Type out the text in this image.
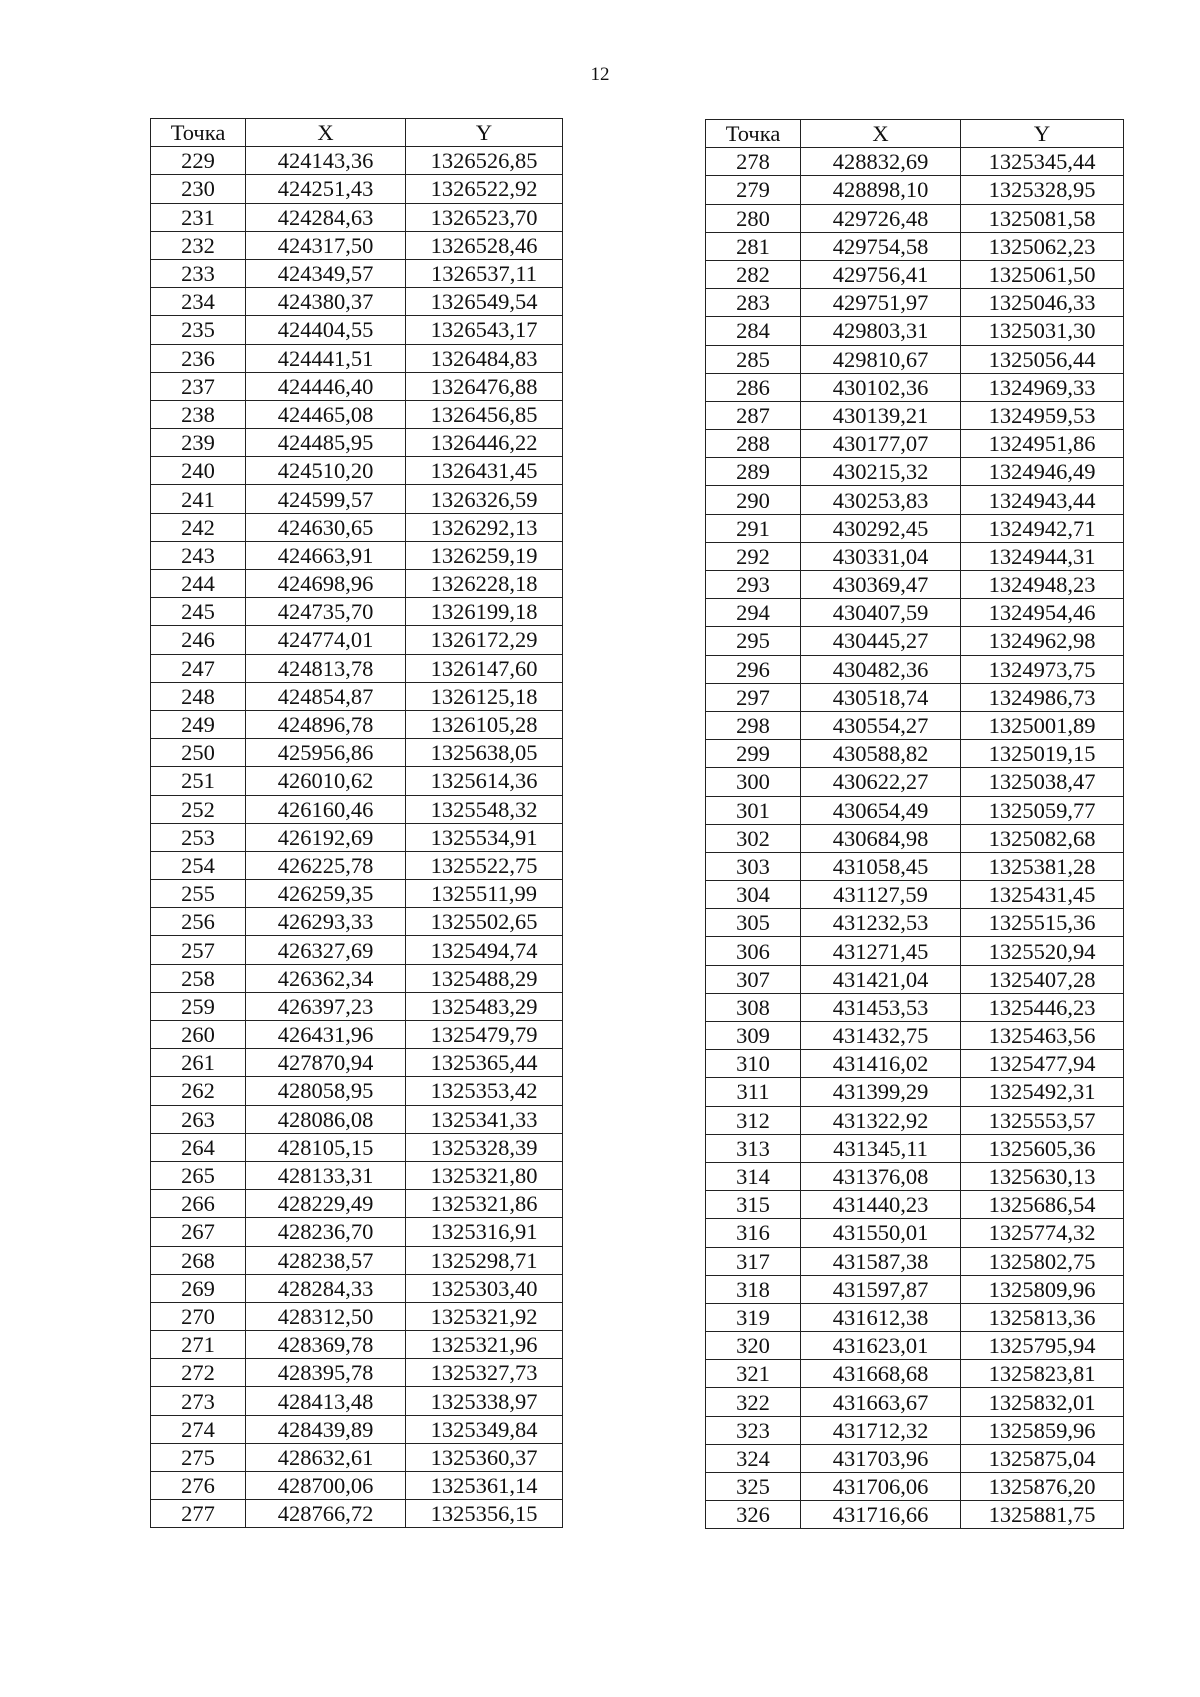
12
Точка	X	Y
229	424143,36	1326526,85
230	424251,43	1326522,92
231	424284,63	1326523,70
232	424317,50	1326528,46
233	424349,57	1326537,11
234	424380,37	1326549,54
235	424404,55	1326543,17
236	424441,51	1326484,83
237	424446,40	1326476,88
238	424465,08	1326456,85
239	424485,95	1326446,22
240	424510,20	1326431,45
241	424599,57	1326326,59
242	424630,65	1326292,13
243	424663,91	1326259,19
244	424698,96	1326228,18
245	424735,70	1326199,18
246	424774,01	1326172,29
247	424813,78	1326147,60
248	424854,87	1326125,18
249	424896,78	1326105,28
250	425956,86	1325638,05
251	426010,62	1325614,36
252	426160,46	1325548,32
253	426192,69	1325534,91
254	426225,78	1325522,75
255	426259,35	1325511,99
256	426293,33	1325502,65
257	426327,69	1325494,74
258	426362,34	1325488,29
259	426397,23	1325483,29
260	426431,96	1325479,79
261	427870,94	1325365,44
262	428058,95	1325353,42
263	428086,08	1325341,33
264	428105,15	1325328,39
265	428133,31	1325321,80
266	428229,49	1325321,86
267	428236,70	1325316,91
268	428238,57	1325298,71
269	428284,33	1325303,40
270	428312,50	1325321,92
271	428369,78	1325321,96
272	428395,78	1325327,73
273	428413,48	1325338,97
274	428439,89	1325349,84
275	428632,61	1325360,37
276	428700,06	1325361,14
277	428766,72	1325356,15
Точка	X	Y
278	428832,69	1325345,44
279	428898,10	1325328,95
280	429726,48	1325081,58
281	429754,58	1325062,23
282	429756,41	1325061,50
283	429751,97	1325046,33
284	429803,31	1325031,30
285	429810,67	1325056,44
286	430102,36	1324969,33
287	430139,21	1324959,53
288	430177,07	1324951,86
289	430215,32	1324946,49
290	430253,83	1324943,44
291	430292,45	1324942,71
292	430331,04	1324944,31
293	430369,47	1324948,23
294	430407,59	1324954,46
295	430445,27	1324962,98
296	430482,36	1324973,75
297	430518,74	1324986,73
298	430554,27	1325001,89
299	430588,82	1325019,15
300	430622,27	1325038,47
301	430654,49	1325059,77
302	430684,98	1325082,68
303	431058,45	1325381,28
304	431127,59	1325431,45
305	431232,53	1325515,36
306	431271,45	1325520,94
307	431421,04	1325407,28
308	431453,53	1325446,23
309	431432,75	1325463,56
310	431416,02	1325477,94
311	431399,29	1325492,31
312	431322,92	1325553,57
313	431345,11	1325605,36
314	431376,08	1325630,13
315	431440,23	1325686,54
316	431550,01	1325774,32
317	431587,38	1325802,75
318	431597,87	1325809,96
319	431612,38	1325813,36
320	431623,01	1325795,94
321	431668,68	1325823,81
322	431663,67	1325832,01
323	431712,32	1325859,96
324	431703,96	1325875,04
325	431706,06	1325876,20
326	431716,66	1325881,75
